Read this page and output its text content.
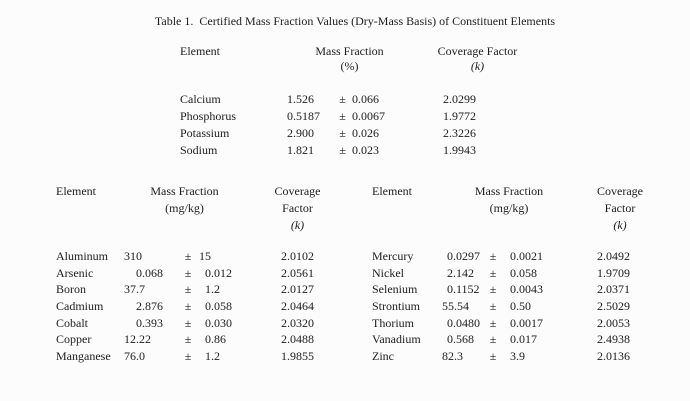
Table 1.  Certified Mass Fraction Values (Dry-Mass Basis) of Constituent Elements
Element	Mass Fraction	Coverage Factor
(%)	(k)
Calcium	1.526	± 0.066	2.0299
Phosphorus	0.5187	± 0.0067	1.9772
Potassium	2.900	± 0.026	2.3226
Sodium	1.821	± 0.023	1.9943
Element	Mass Fraction	Coverage
(mg/kg)	Factor
(k)
Aluminum	310	± 15	2.0102
Arsenic	0.068	±	0.012	2.0561
Boron	37.7	±	1.2	2.0127
Cadmium	2.876	±	0.058	2.0464
Cobalt	0.393	±	0.030	2.0320
Copper	12.22	±	0.86	2.0488
Manganese	76.0	±	1.2	1.9855
Element	Mass Fraction	Coverage
(mg/kg)	Factor
(k)
Mercury	0.0297 ±	0.0021	2.0492
Nickel	2.142	±	0.058	1.9709
Selenium	0.1152 ±	0.0043	2.0371
Strontium	55.54	±	0.50	2.5029
Thorium	0.0480 ±	0.0017	2.0053
Vanadium	0.568	±	0.017	2.4938
Zinc	82.3	±	3.9	2.0136
